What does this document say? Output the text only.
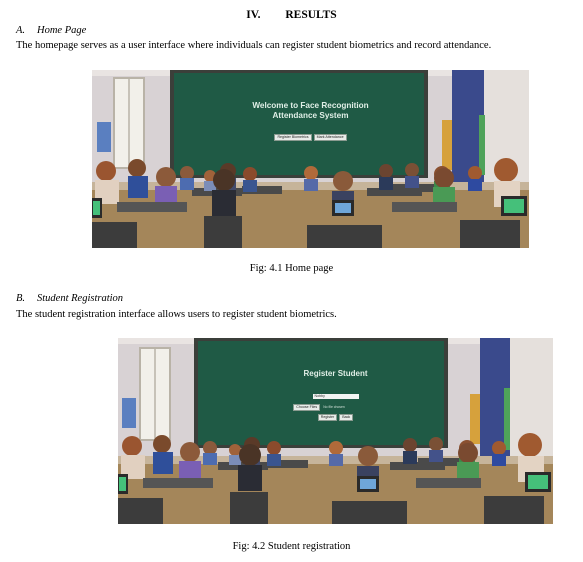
IV. RESULTS
A. Home Page
The homepage serves as a user interface where individuals can register student biometrics and record attendance.
Welcome to Face Recognition
Attendance System
Register Biometrics Mark Attendance
Fig: 4.1 Home page
B. Student Registration
The student registration interface allows users to register student biometrics.
Register Student
Nobby
Choose Files No file chosen
Register Back
Fig: 4.2 Student registration
